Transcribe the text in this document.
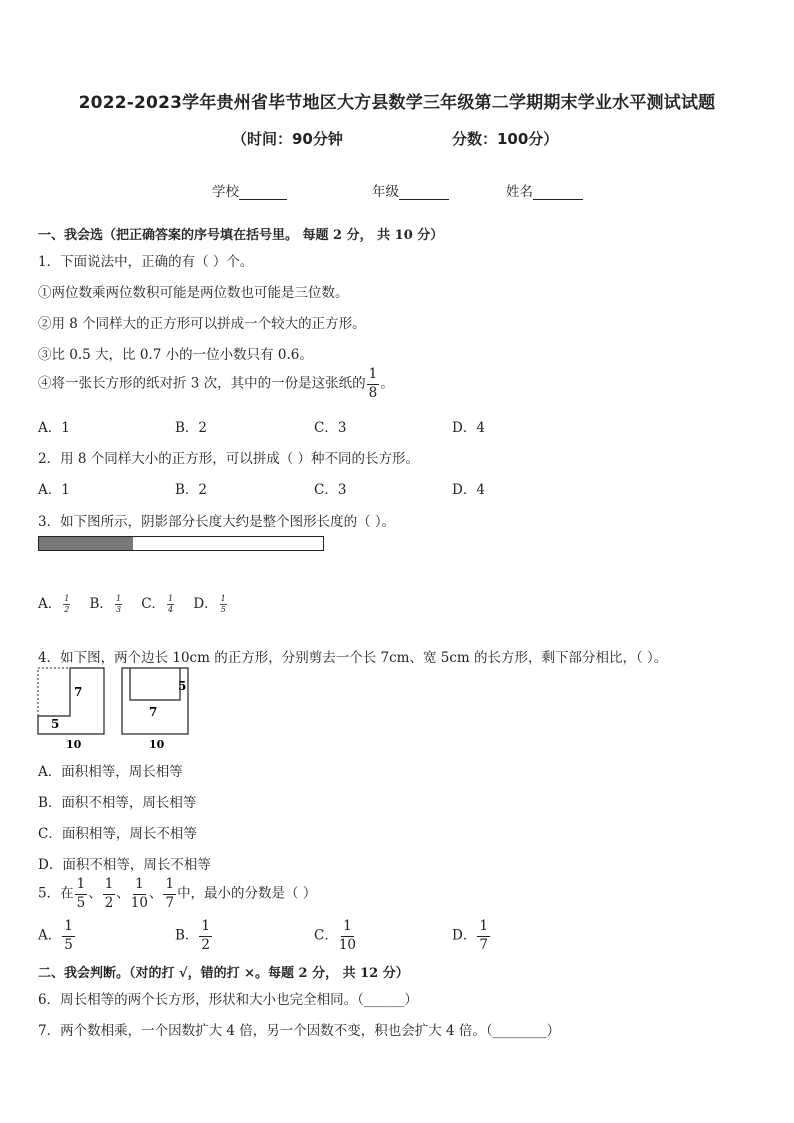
2022-2023学年贵州省毕节地区大方县数学三年级第二学期期末学业水平测试试题
（时间：90分钟	分数：100分）
学校	年级	姓名
一、我会选（把正确答案的序号填在括号里。 每题 2 分， 共 10 分）
1．下面说法中，正确的有（ ）个。
①两位数乘两位数积可能是两位数也可能是三位数。
②用 8 个同样大的正方形可以拼成一个较大的正方形。
③比 0.5 大，比 0.7 小的一位小数只有 0.6。
④将一张长方形的纸对折 3 次，其中的一份是这张纸的 $\frac{1}{8}$ 。
A．1	B．2	C．3	D．4
2．用 8 个同样大小的正方形，可以拼成（ ）种不同的长方形。
A．1	B．2	C．3	D．4
3．如下图所示，阴影部分长度大约是整个图形长度的（ ）。
A． $\frac{1}{2}$ B． $\frac{1}{3}$ C． $\frac{1}{4}$ D． $\frac{1}{5}$
4．如下图，两个边长 10cm 的正方形，分别剪去一个长 7cm、宽 5cm 的长方形，剩下部分相比，（ ）。
7
5
10
5
7
10
A．面积相等，周长相等
B．面积不相等，周长相等
C．面积相等，周长不相等
D．面积不相等，周长不相等
5．在 $\frac{1}{5}$ 、 $\frac{1}{2}$ 、 $\frac{1}{10}$ 、 $\frac{1}{7}$ 中，最小的分数是（ ）
A． $\frac{1}{5}$	B． $\frac{1}{2}$	C． $\frac{1}{10}$	D． $\frac{1}{7}$
二、我会判断。（对的打 √，错的打 ×。每题 2 分， 共 12 分）
6．周长相等的两个长方形，形状和大小也完全相同。（______）
7．两个数相乘，一个因数扩大 4 倍，另一个因数不变，积也会扩大 4 倍。（________）
